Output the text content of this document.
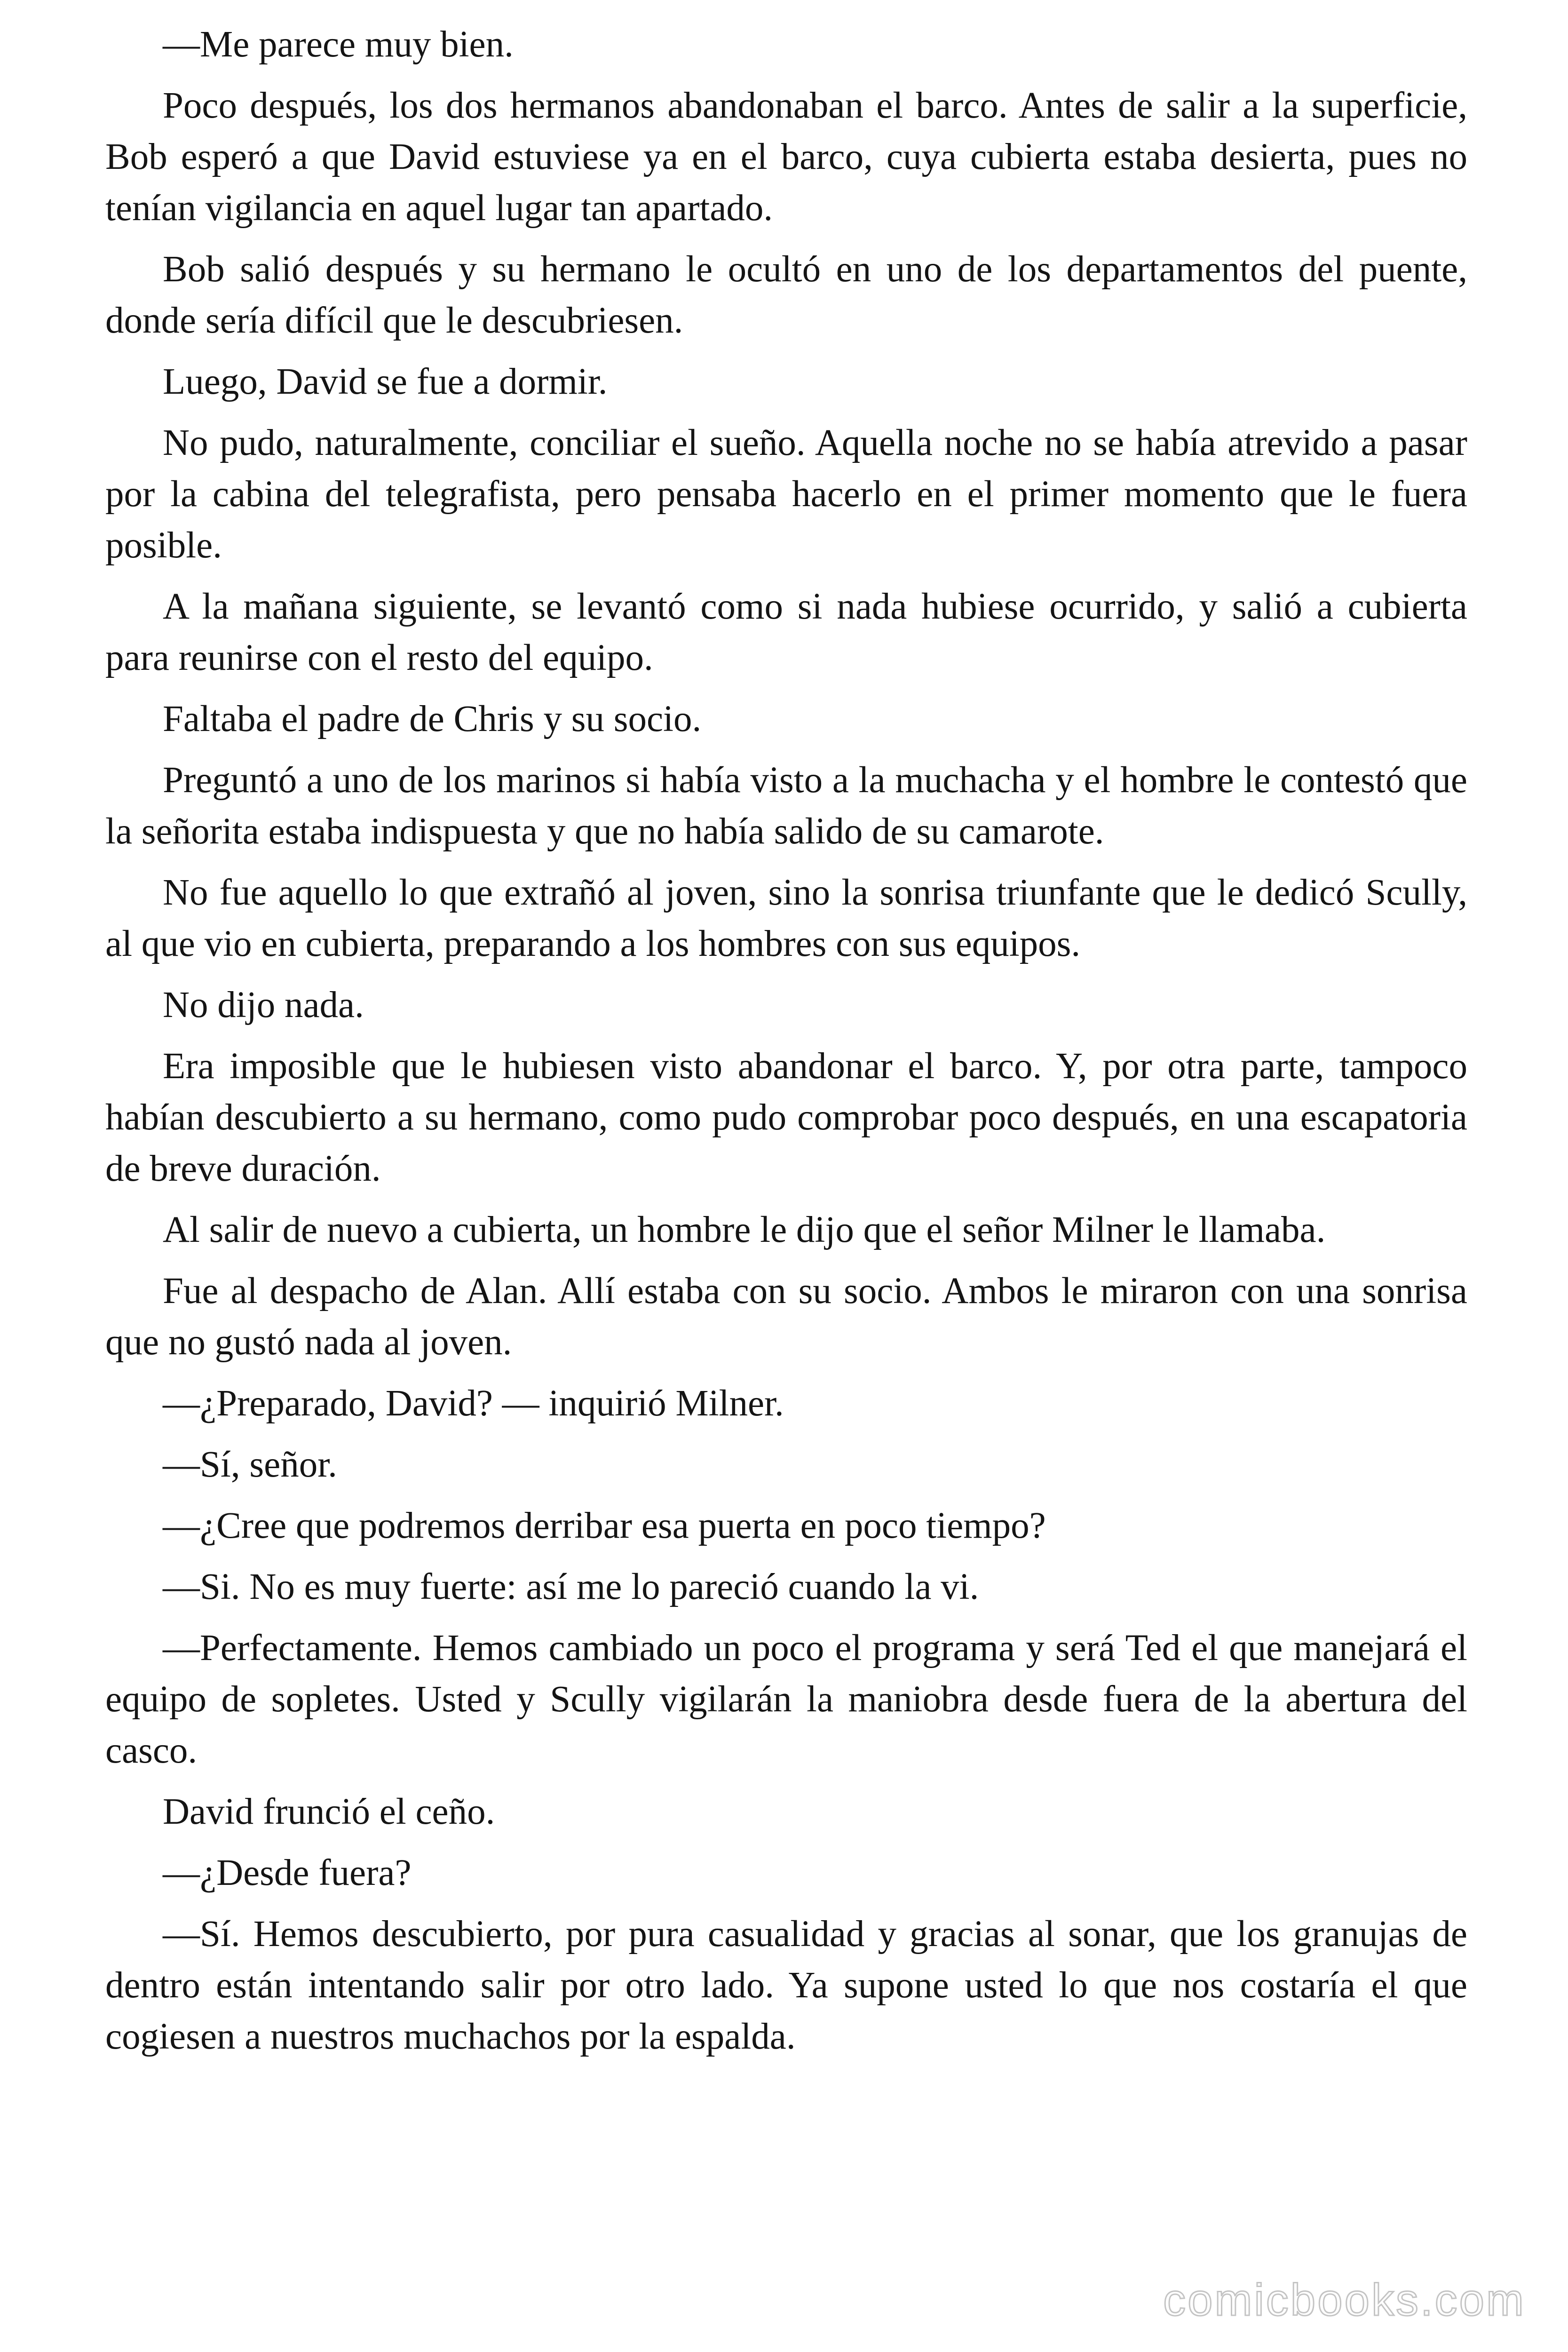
—Me parece muy bien.

Poco después, los dos hermanos abandonaban el barco. Antes de salir a la superficie, Bob esperó a que David estuviese ya en el barco, cuya cubierta estaba desierta, pues no tenían vigilancia en aquel lugar tan apartado.

Bob salió después y su hermano le ocultó en uno de los departamentos del puente, donde sería difícil que le descubriesen.

Luego, David se fue a dormir.

No pudo, naturalmente, conciliar el sueño. Aquella noche no se había atrevido a pasar por la cabina del telegrafista, pero pensaba hacerlo en el primer momento que le fuera posible.

A la mañana siguiente, se levantó como si nada hubiese ocurrido, y salió a cubierta para reunirse con el resto del equipo.

Faltaba el padre de Chris y su socio.

Preguntó a uno de los marinos si había visto a la muchacha y el hombre le contestó que la señorita estaba indispuesta y que no había salido de su camarote.

No fue aquello lo que extrañó al joven, sino la sonrisa triunfante que le dedicó Scully, al que vio en cubierta, preparando a los hombres con sus equipos.

No dijo nada.

Era imposible que le hubiesen visto abandonar el barco. Y, por otra parte, tampoco habían descubierto a su hermano, como pudo comprobar poco después, en una escapatoria de breve duración.

Al salir de nuevo a cubierta, un hombre le dijo que el señor Milner le llamaba.

Fue al despacho de Alan. Allí estaba con su socio. Ambos le miraron con una sonrisa que no gustó nada al joven.

—¿Preparado, David? — inquirió Milner.

—Sí, señor.

—¿Cree que podremos derribar esa puerta en poco tiempo?

—Si. No es muy fuerte: así me lo pareció cuando la vi.

—Perfectamente. Hemos cambiado un poco el programa y será Ted el que manejará el equipo de sopletes. Usted y Scully vigilarán la maniobra desde fuera de la abertura del casco.

David frunció el ceño.

—¿Desde fuera?

—Sí. Hemos descubierto, por pura casualidad y gracias al sonar, que los granujas de dentro están intentando salir por otro lado. Ya supone usted lo que nos costaría el que cogiesen a nuestros muchachos por la espalda.

comicbooks.com
